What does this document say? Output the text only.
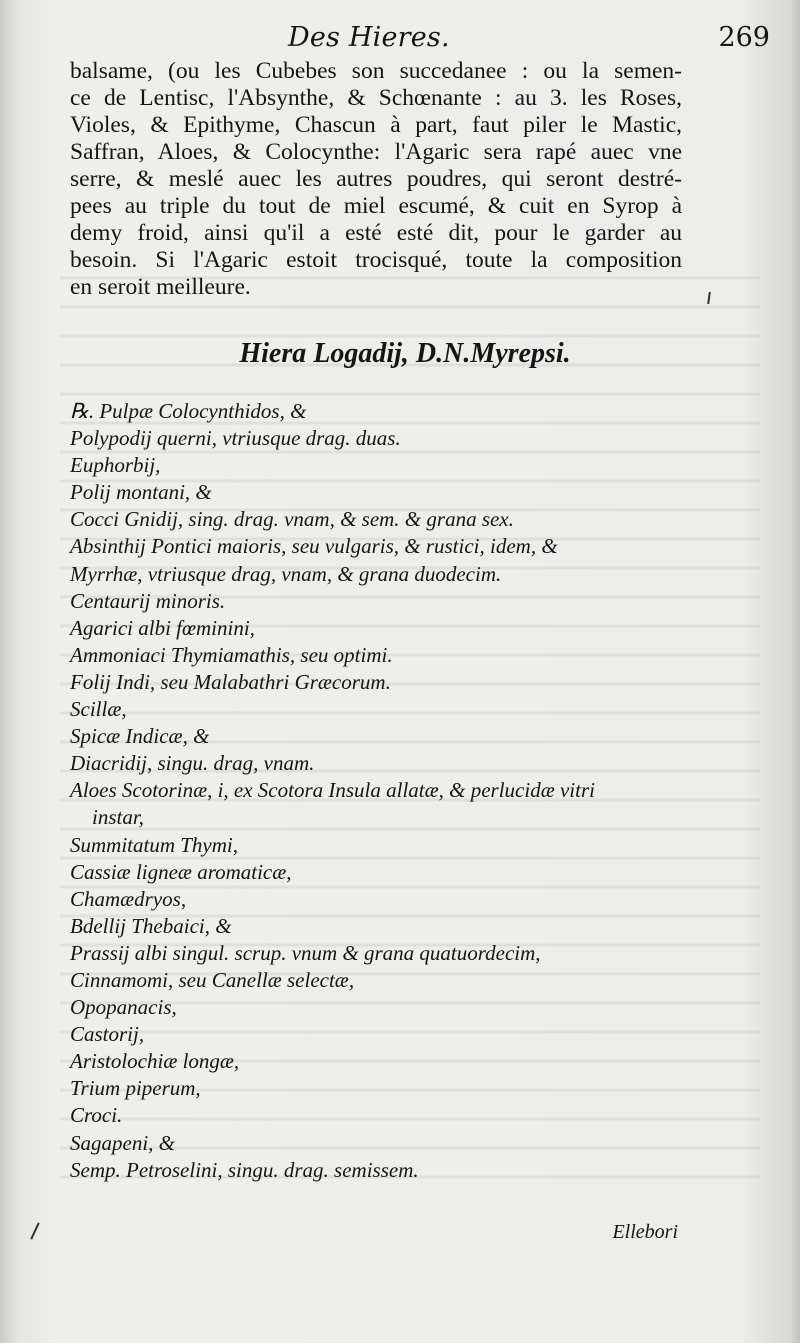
Des Hieres.	269
balsame, (ou les Cubebes son succedanee : ou la semen-
ce de Lentisc, l'Absynthe, & Schœnante : au 3. les Roses,
Violes, & Epithyme, Chascun à part, faut piler le Mastic,
Saffran, Aloes, & Colocynthe: l'Agaric sera rapé auec vne
serre, & meslé auec les autres poudres, qui seront destré-
pees au triple du tout de miel escumé, & cuit en Syrop à
demy froid, ainsi qu'il a esté esté dit, pour le garder au
besoin. Si l'Agaric estoit trocisqué, toute la composition
en seroit meilleure.
Hiera Logadij, D.N.Myrepsi.
℞. Pulpæ Colocynthidos, &
Polypodij querni, vtriusque drag. duas.
Euphorbij,
Polij montani, &
Cocci Gnidij, sing. drag. vnam, & sem. & grana sex.
Absinthij Pontici maioris, seu vulgaris, & rustici, idem, &
Myrrhæ, vtriusque drag, vnam, & grana duodecim.
Centaurij minoris.
Agarici albi fœminini,
Ammoniaci Thymiamathis, seu optimi.
Folij Indi, seu Malabathri Græcorum.
Scillæ,
Spicæ Indicæ, &
Diacridij, singu. drag, vnam.
Aloes Scotorinæ, i, ex Scotora Insula allatæ, & perlucidæ vitri
instar,
Summitatum Thymi,
Cassiæ ligneæ aromaticæ,
Chamædryos,
Bdellij Thebaici, &
Prassij albi singul. scrup. vnum & grana quatuordecim,
Cinnamomi, seu Canellæ selectæ,
Opopanacis,
Castorij,
Aristolochiæ longæ,
Trium piperum,
Croci.
Sagapeni, &
Semp. Petroselini, singu. drag. semissem.
Ellebori
